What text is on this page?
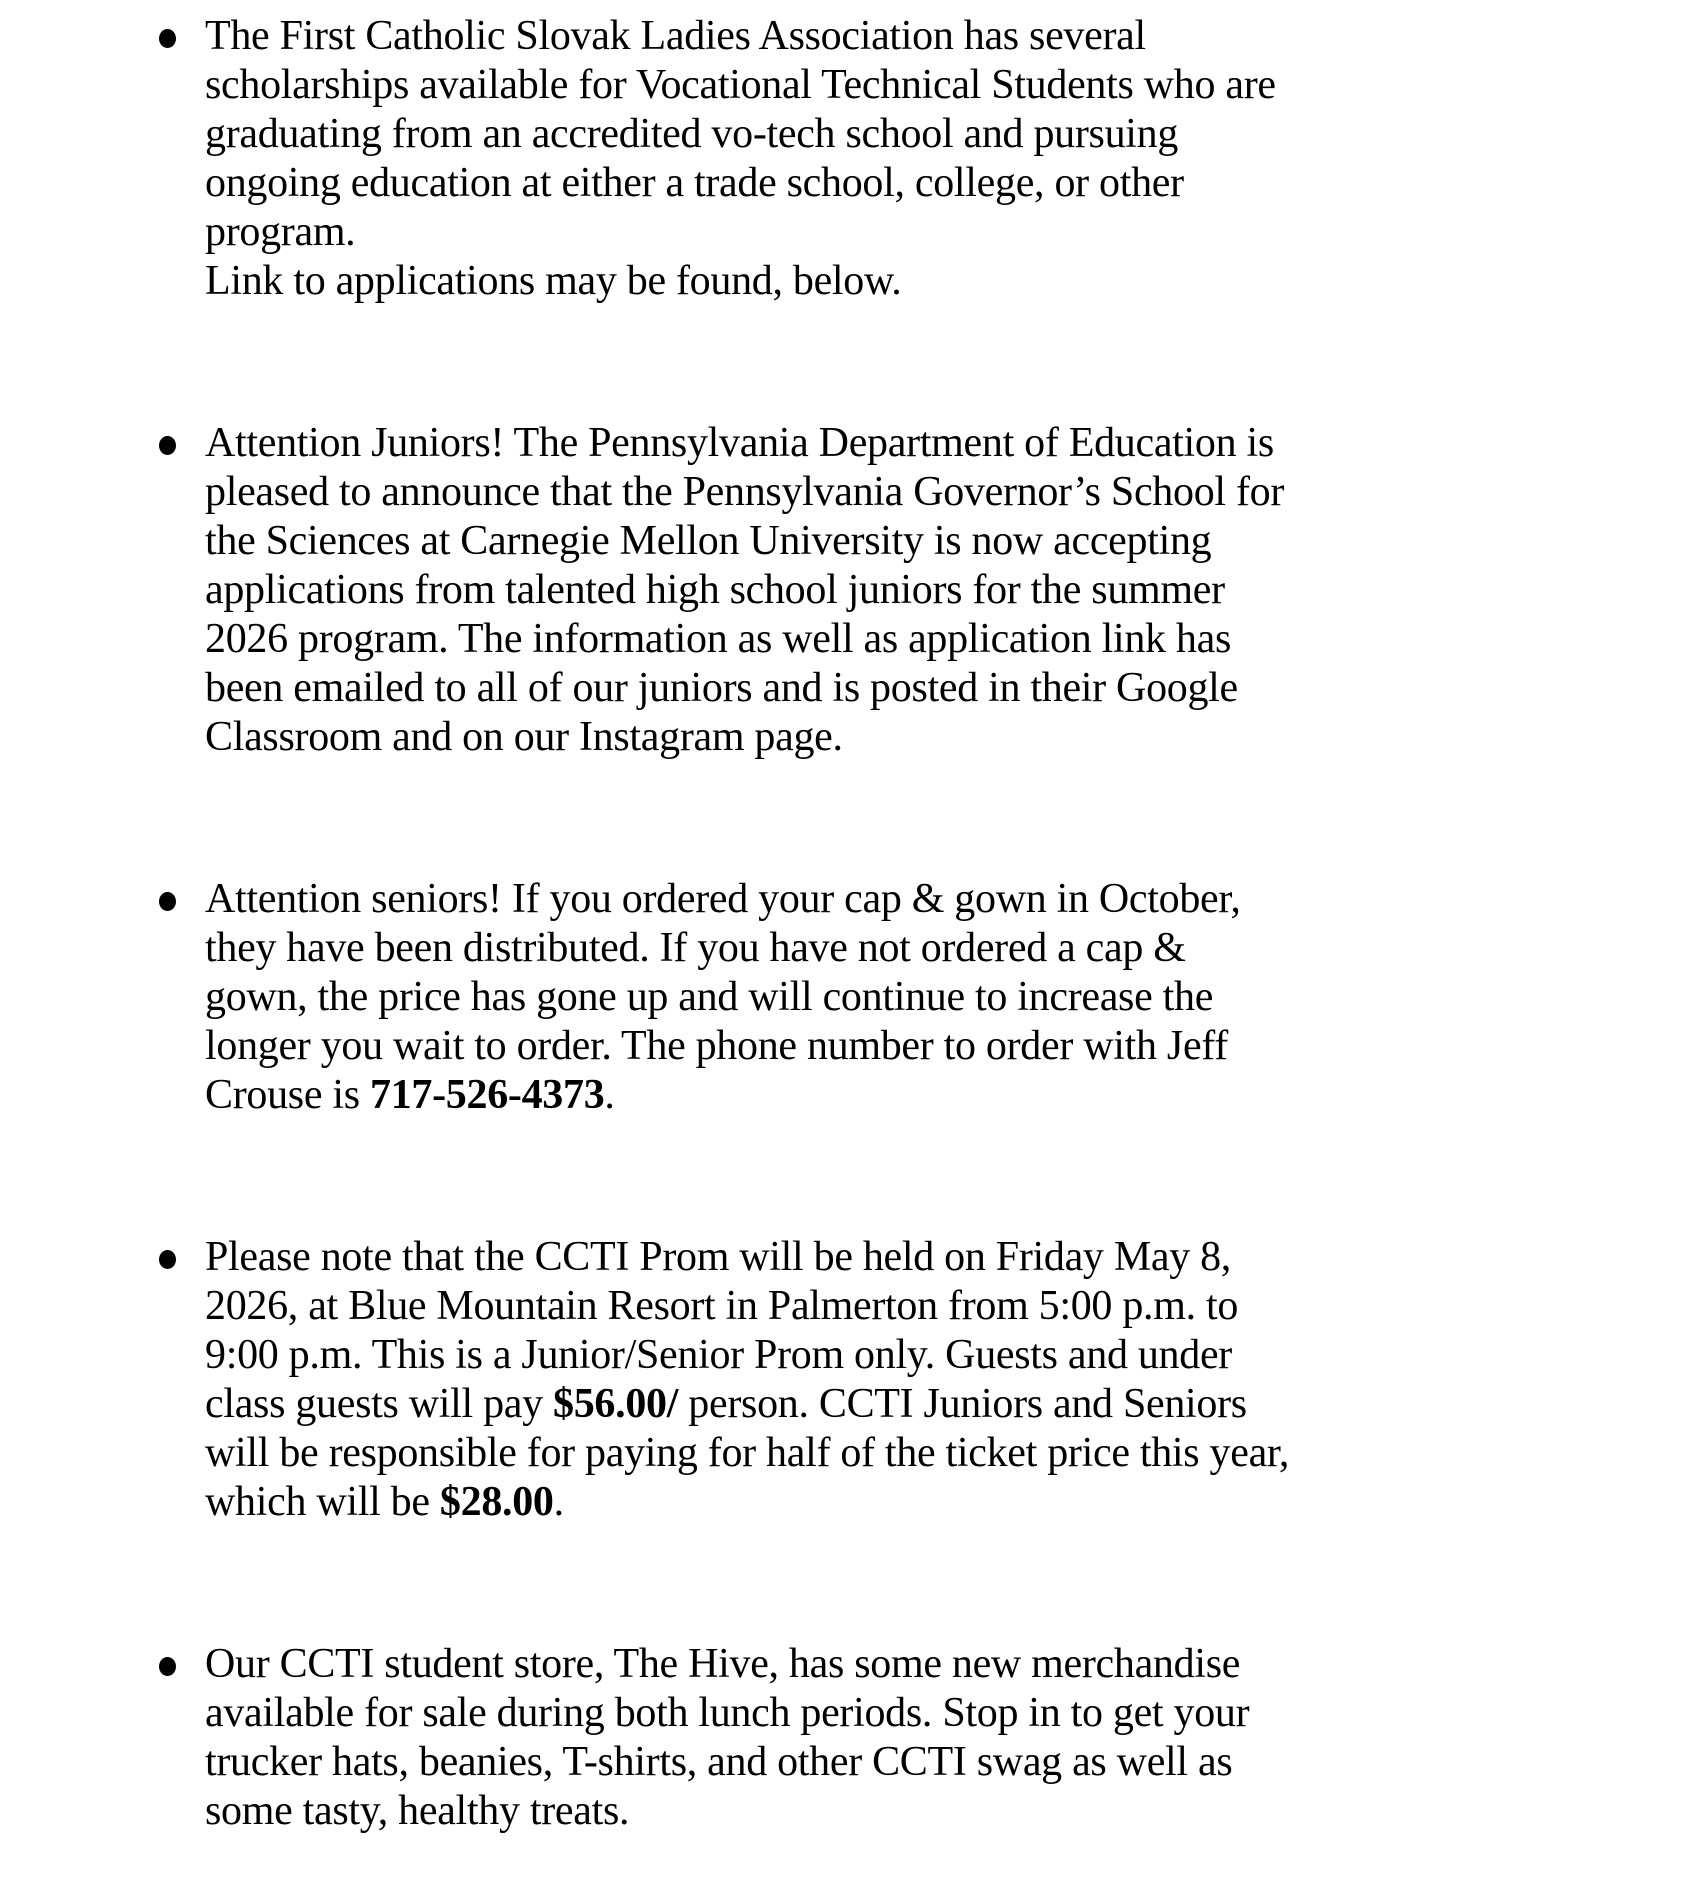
The First Catholic Slovak Ladies Association has several
scholarships available for Vocational Technical Students who are
graduating from an accredited vo-tech school and pursuing
ongoing education at either a trade school, college, or other
program.
Link to applications may be found, below.
Attention Juniors! The Pennsylvania Department of Education is
pleased to announce that the Pennsylvania Governor’s School for
the Sciences at Carnegie Mellon University is now accepting
applications from talented high school juniors for the summer
2026 program. The information as well as application link has
been emailed to all of our juniors and is posted in their Google
Classroom and on our Instagram page.
Attention seniors! If you ordered your cap & gown in October,
they have been distributed. If you have not ordered a cap &
gown, the price has gone up and will continue to increase the
longer you wait to order. The phone number to order with Jeff
Crouse is 717-526-4373.
Please note that the CCTI Prom will be held on Friday May 8,
2026, at Blue Mountain Resort in Palmerton from 5:00 p.m. to
9:00 p.m. This is a Junior/Senior Prom only. Guests and under
class guests will pay $56.00/ person. CCTI Juniors and Seniors
will be responsible for paying for half of the ticket price this year,
which will be $28.00.
Our CCTI student store, The Hive, has some new merchandise
available for sale during both lunch periods. Stop in to get your
trucker hats, beanies, T-shirts, and other CCTI swag as well as
some tasty, healthy treats.
